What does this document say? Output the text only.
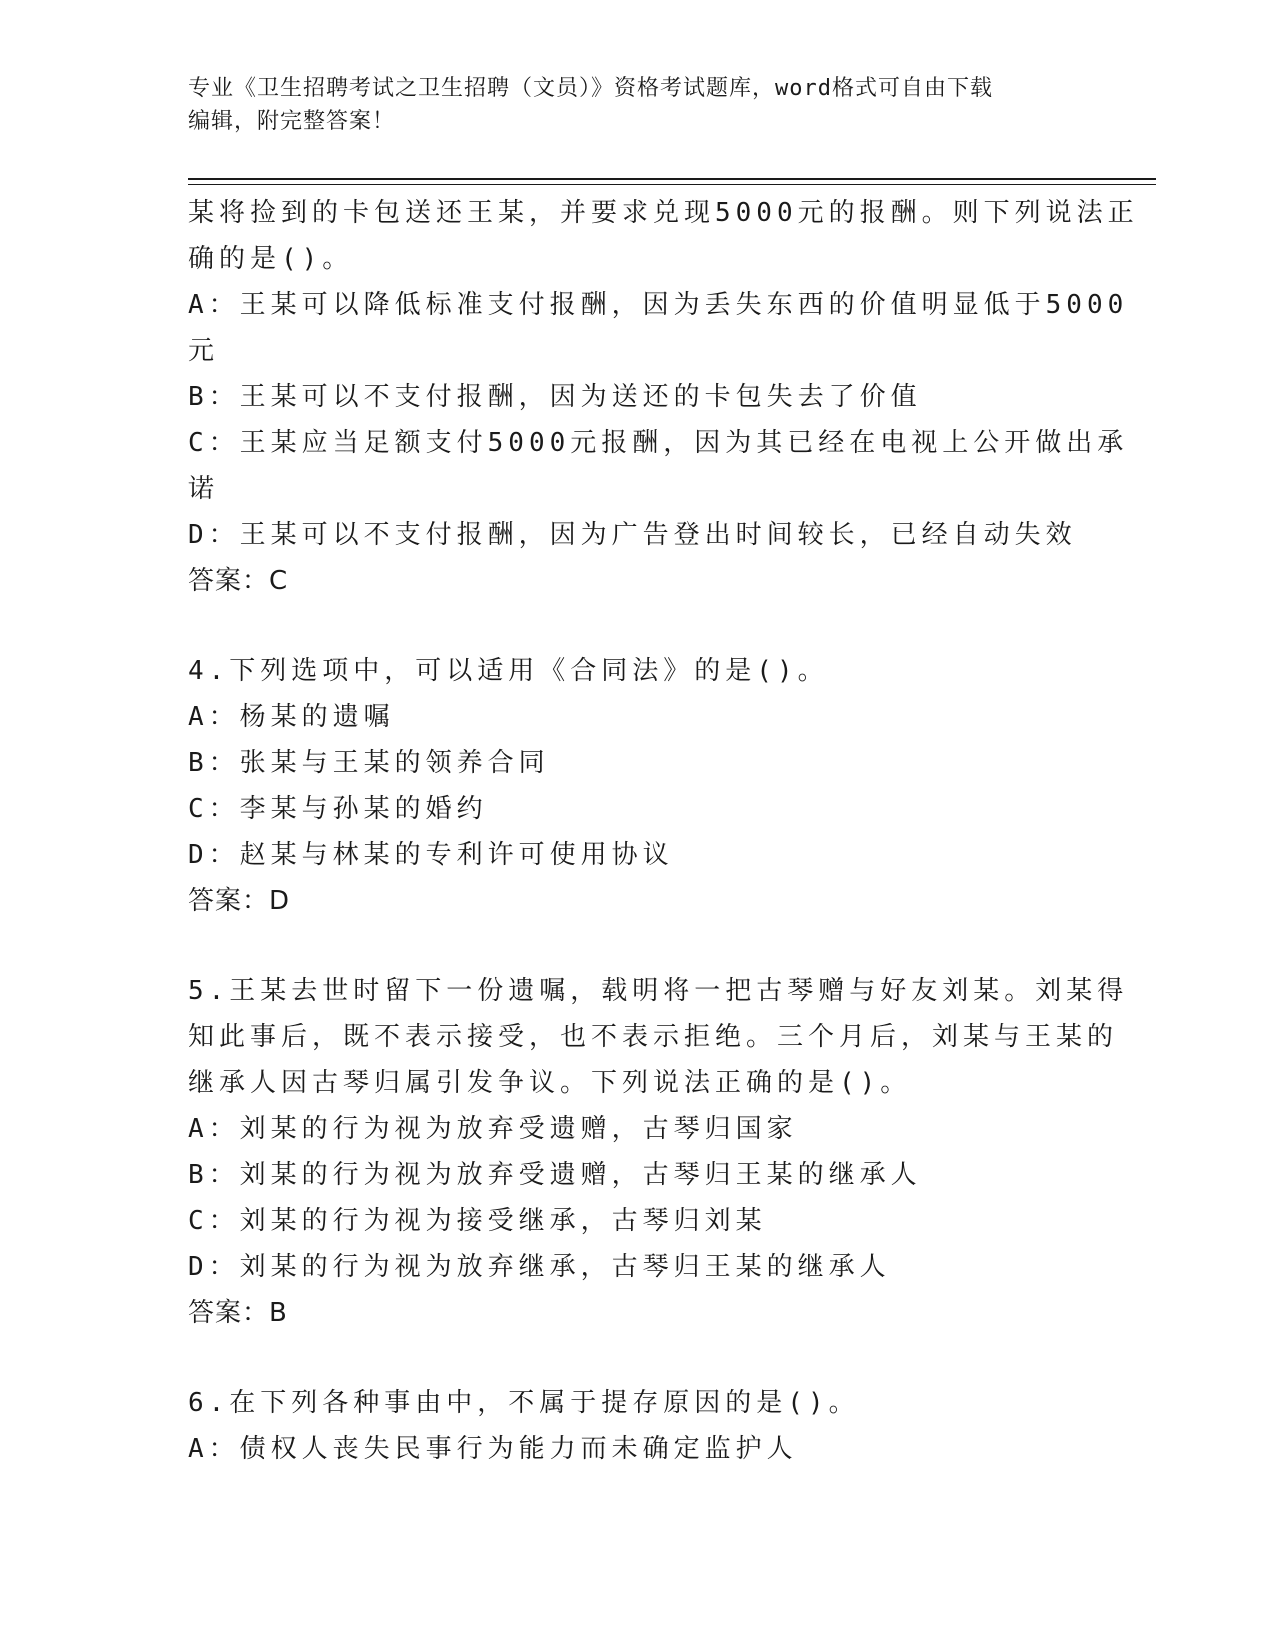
专业《卫生招聘考试之卫生招聘（文员）》资格考试题库，word格式可自由下载
编辑，附完整答案！
某将捡到的卡包送还王某，并要求兑现5000元的报酬。则下列说法正
确的是()。
A：王某可以降低标准支付报酬，因为丢失东西的价值明显低于5000
元
B：王某可以不支付报酬，因为送还的卡包失去了价值
C：王某应当足额支付5000元报酬，因为其已经在电视上公开做出承
诺
D：王某可以不支付报酬，因为广告登出时间较长，已经自动失效
答案：C
4.下列选项中，可以适用《合同法》的是()。
A：杨某的遗嘱
B：张某与王某的领养合同
C：李某与孙某的婚约
D：赵某与林某的专利许可使用协议
答案：D
5.王某去世时留下一份遗嘱，载明将一把古琴赠与好友刘某。刘某得
知此事后，既不表示接受，也不表示拒绝。三个月后，刘某与王某的
继承人因古琴归属引发争议。下列说法正确的是()。
A：刘某的行为视为放弃受遗赠，古琴归国家
B：刘某的行为视为放弃受遗赠，古琴归王某的继承人
C：刘某的行为视为接受继承，古琴归刘某
D：刘某的行为视为放弃继承，古琴归王某的继承人
答案：B
6.在下列各种事由中，不属于提存原因的是()。
A：债权人丧失民事行为能力而未确定监护人
